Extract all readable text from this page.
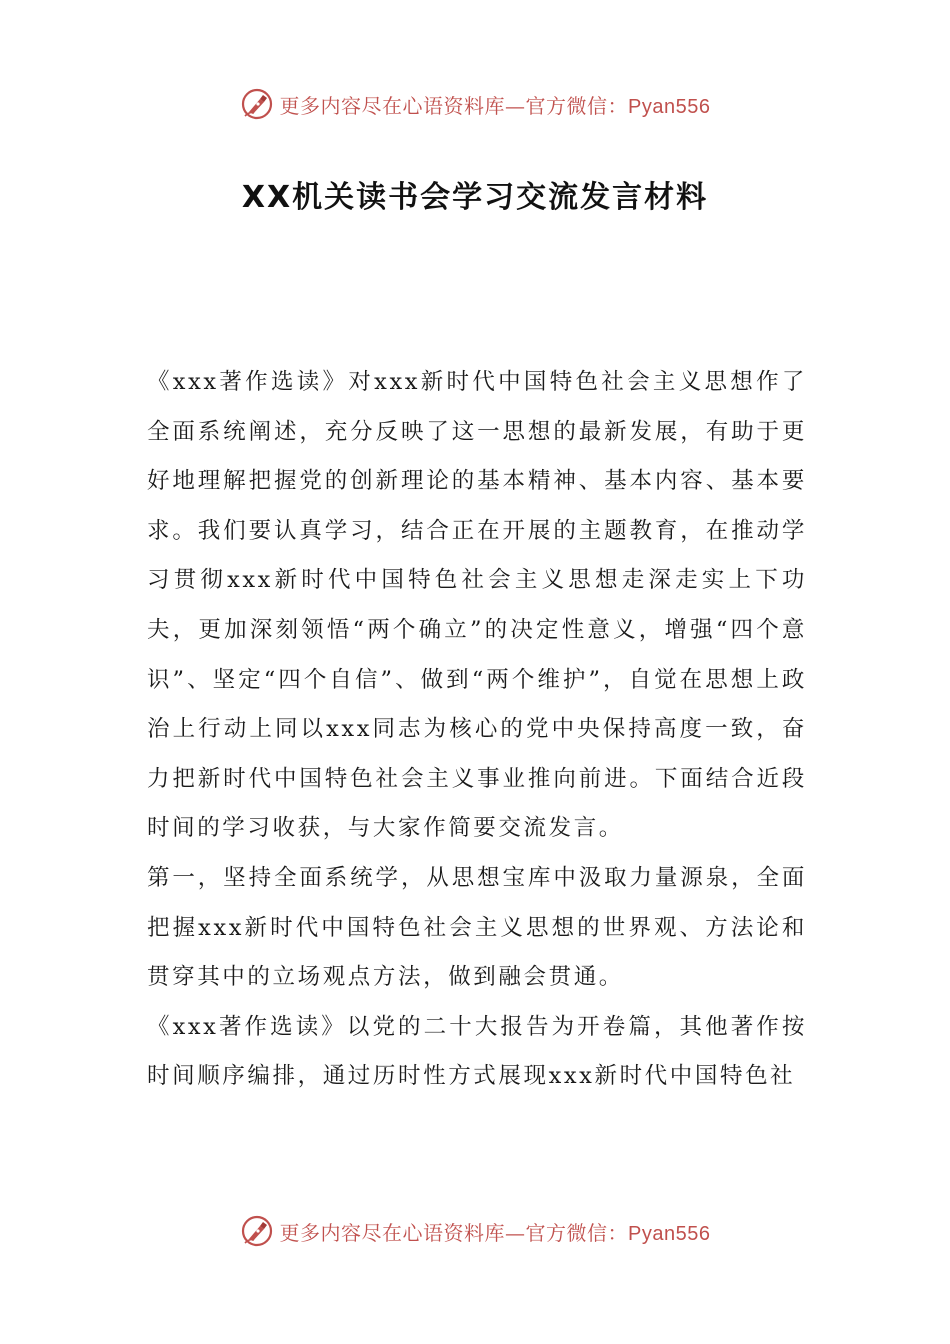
更多内容尽在心语资料库—官方微信：Pyan556
XX机关读书会学习交流发言材料

《xxx著作选读》对xxx新时代中国特色社会主义思想作了全面系统阐述，充分反映了这一思想的最新发展，有助于更好地理解把握党的创新理论的基本精神、基本内容、基本要求。我们要认真学习，结合正在开展的主题教育，在推动学习贯彻xxx新时代中国特色社会主义思想走深走实上下功夫，更加深刻领悟“两个确立”的决定性意义，增强“四个意识”、坚定“四个自信”、做到“两个维护”，自觉在思想上政治上行动上同以xxx同志为核心的党中央保持高度一致，奋力把新时代中国特色社会主义事业推向前进。下面结合近段时间的学习收获，与大家作简要交流发言。

第一，坚持全面系统学，从思想宝库中汲取力量源泉，全面把握xxx新时代中国特色社会主义思想的世界观、方法论和贯穿其中的立场观点方法，做到融会贯通。

《xxx著作选读》以党的二十大报告为开卷篇，其他著作按时间顺序编排，通过历时性方式展现xxx新时代中国特色社

更多内容尽在心语资料库—官方微信：Pyan556
